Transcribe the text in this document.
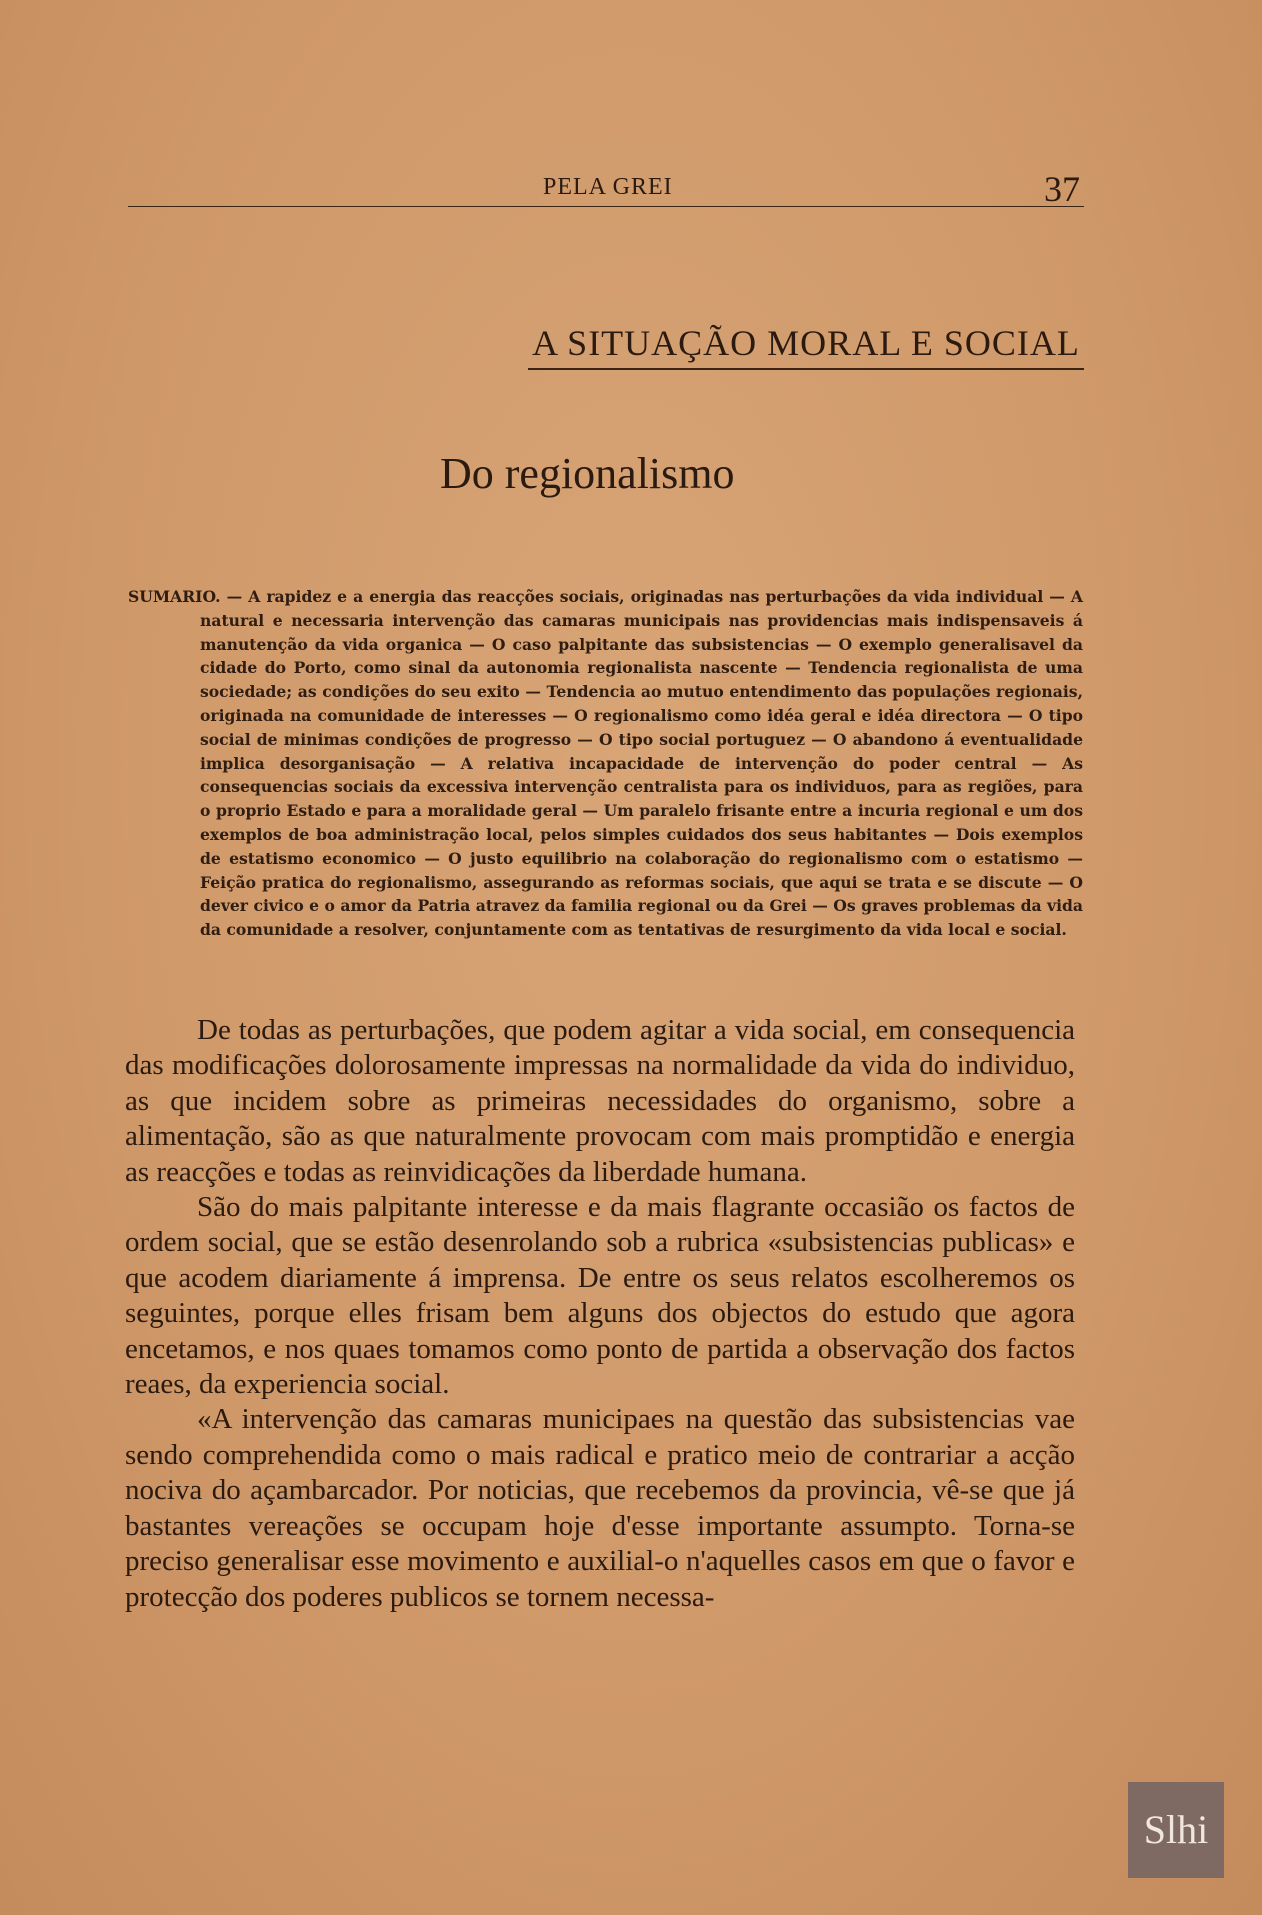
PELA GREI	37
A SITUAÇÃO MORAL E SOCIAL
Do regionalismo

SUMARIO. — A rapidez e a energia das reacções sociais, originadas nas perturbações da vida individual — A natural e necessaria intervenção das camaras municipais nas providencias mais indispensaveis á manutenção da vida organica — O caso palpitante das subsistencias — O exemplo generalisavel da cidade do Porto, como sinal da autonomia regionalista nascente — Tendencia regionalista de uma sociedade; as condições do seu exito — Tendencia ao mutuo entendimento das populações regionais, originada na comunidade de interesses — O regionalismo como idéa geral e idéa directora — O tipo social de minimas condições de progresso — O tipo social portuguez — O abandono á eventualidade implica desorganisação — A relativa incapacidade de intervenção do poder central — As consequencias sociais da excessiva intervenção centralista para os individuos, para as regiões, para o proprio Estado e para a moralidade geral — Um paralelo frisante entre a incuria regional e um dos exemplos de boa administração local, pelos simples cuidados dos seus habitantes — Dois exemplos de estatismo economico — O justo equilibrio na colaboração do regionalismo com o estatismo — Feição pratica do regionalismo, assegurando as reformas sociais, que aqui se trata e se discute — O dever civico e o amor da Patria atravez da familia regional ou da Grei — Os graves problemas da vida da comunidade a resolver, conjuntamente com as tentativas de resurgimento da vida local e social.

De todas as perturbações, que podem agitar a vida social, em consequencia das modificações dolorosamente impressas na normalidade da vida do individuo, as que incidem sobre as primeiras necessidades do organismo, sobre a alimentação, são as que naturalmente provocam com mais promptidão e energia as reacções e todas as reinvidicações da liberdade humana.

São do mais palpitante interesse e da mais flagrante occasião os factos de ordem social, que se estão desenrolando sob a rubrica «subsistencias publicas» e que acodem diariamente á imprensa. De entre os seus relatos escolheremos os seguintes, porque elles frisam bem alguns dos objectos do estudo que agora encetamos, e nos quaes tomamos como ponto de partida a observação dos factos reaes, da experiencia social.

«A intervenção das camaras municipaes na questão das subsistencias vae sendo comprehendida como o mais radical e pratico meio de contrariar a acção nociva do açambarcador. Por noticias, que recebemos da provincia, vê-se que já bastantes vereações se occupam hoje d'esse importante assumpto. Torna-se preciso generalisar esse movimento e auxilial-o n'aquelles casos em que o favor e protecção dos poderes publicos se tornem necessa-

Slhi
